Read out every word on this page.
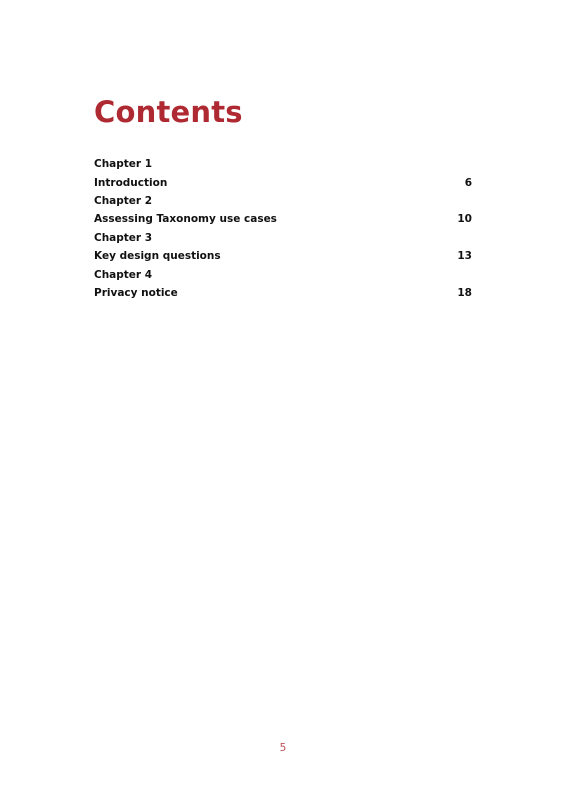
Contents
Chapter 1
Introduction	6
Chapter 2
Assessing Taxonomy use cases	10
Chapter 3
Key design questions	13
Chapter 4
Privacy notice	18
5
